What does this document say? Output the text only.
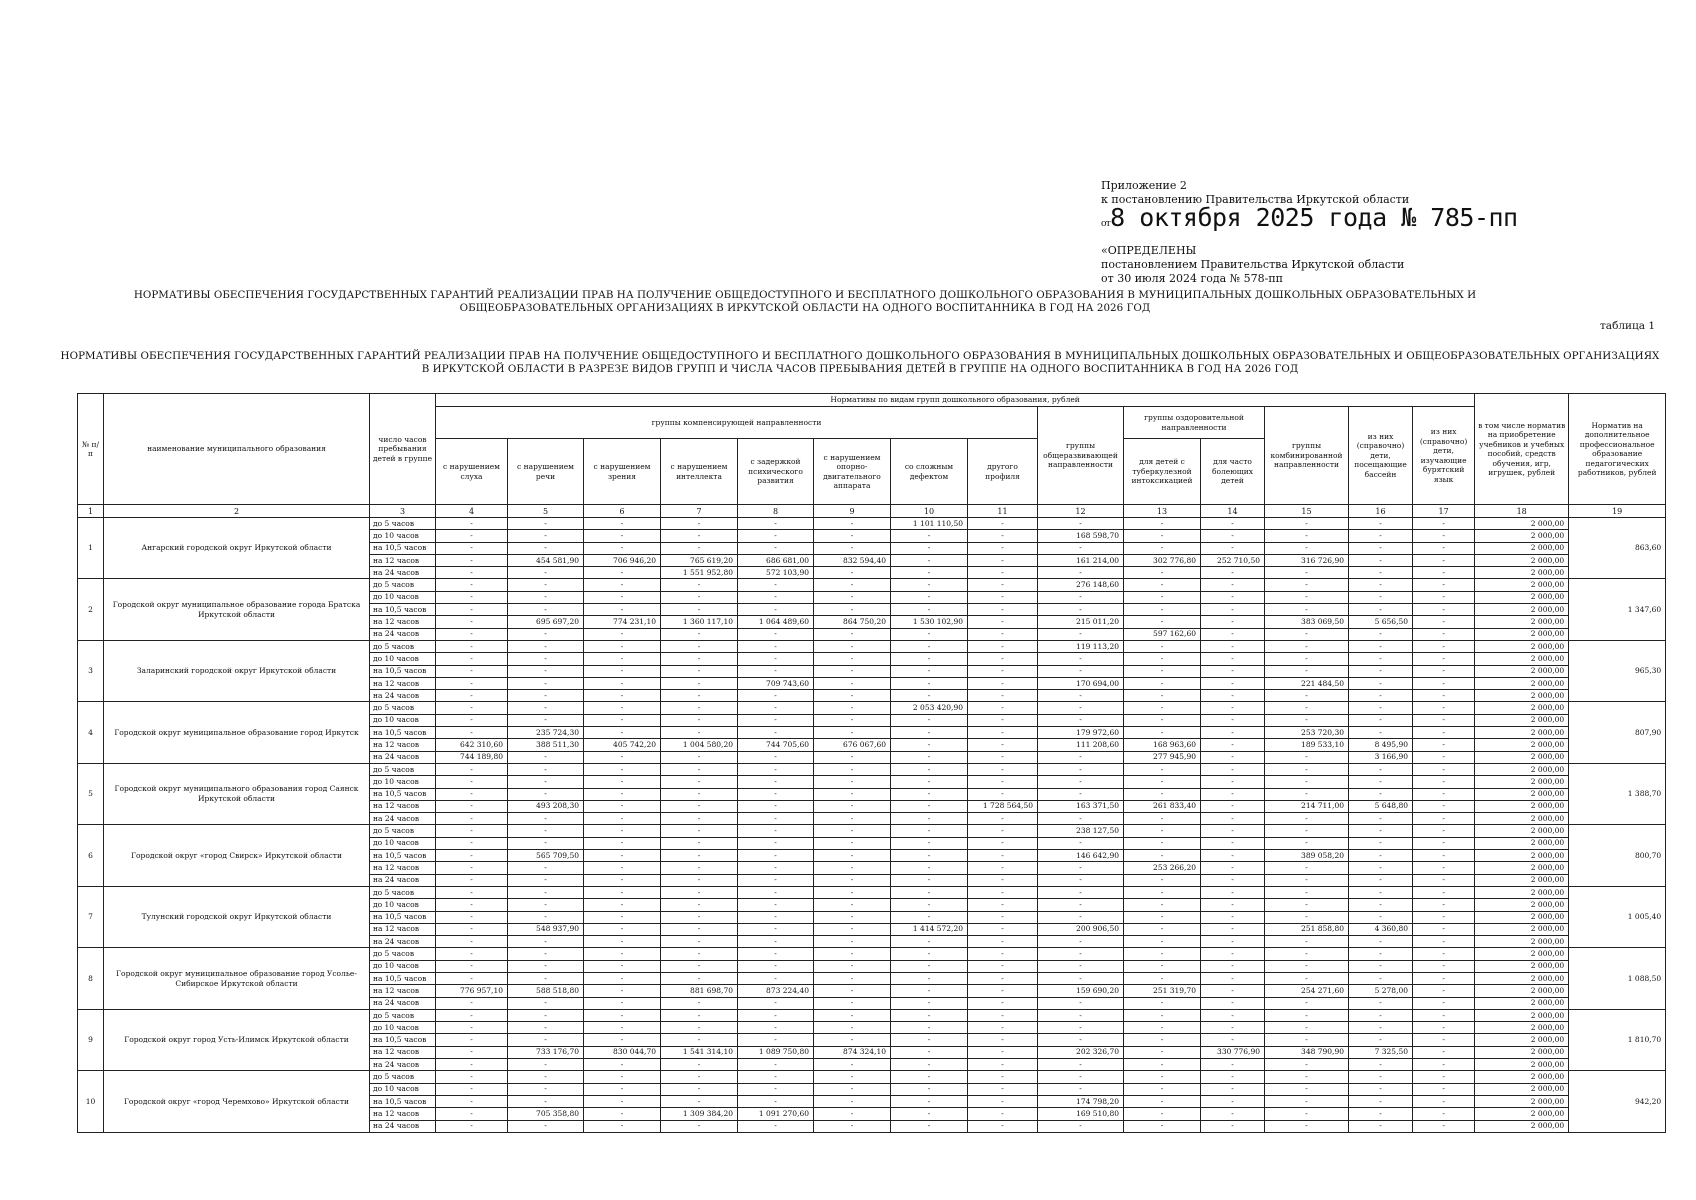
Приложение 2
к постановлению Правительства Иркутской области
от8 октября 2025 года № 785-пп
«ОПРЕДЕЛЕНЫ
постановлением Правительства Иркутской области
от 30 июля 2024 года № 578-пп
НОРМАТИВЫ ОБЕСПЕЧЕНИЯ ГОСУДАРСТВЕННЫХ ГАРАНТИЙ РЕАЛИЗАЦИИ ПРАВ НА ПОЛУЧЕНИЕ ОБЩЕДОСТУПНОГО И БЕСПЛАТНОГО ДОШКОЛЬНОГО ОБРАЗОВАНИЯ В МУНИЦИПАЛЬНЫХ ДОШКОЛЬНЫХ ОБРАЗОВАТЕЛЬНЫХ И ОБЩЕОБРАЗОВАТЕЛЬНЫХ ОРГАНИЗАЦИЯХ В ИРКУТСКОЙ ОБЛАСТИ НА ОДНОГО ВОСПИТАННИКА В ГОД НА 2026 ГОД
таблица 1
НОРМАТИВЫ ОБЕСПЕЧЕНИЯ ГОСУДАРСТВЕННЫХ ГАРАНТИЙ РЕАЛИЗАЦИИ ПРАВ НА ПОЛУЧЕНИЕ ОБЩЕДОСТУПНОГО И БЕСПЛАТНОГО ДОШКОЛЬНОГО ОБРАЗОВАНИЯ В МУНИЦИПАЛЬНЫХ ДОШКОЛЬНЫХ ОБРАЗОВАТЕЛЬНЫХ И ОБЩЕОБРАЗОВАТЕЛЬНЫХ ОРГАНИЗАЦИЯХ В ИРКУТСКОЙ ОБЛАСТИ В РАЗРЕЗЕ ВИДОВ ГРУПП И ЧИСЛА ЧАСОВ ПРЕБЫВАНИЯ ДЕТЕЙ В ГРУППЕ НА ОДНОГО ВОСПИТАННИКА В ГОД НА 2026 ГОД
№ п/п	наименование муниципального образования	число часов пребывания детей в группе	Нормативы по видам групп дошкольного образования, рублей														в том числе норматив на приобретение учебников и учебных пособий, средств обучения, игр, игрушек, рублей	Норматив на дополнительное профессиональное образование педагогических работников, рублей
			группы компенсирующей направленности								группы общеразвивающей направленности	группы оздоровительной направленности		группы комбинированной направленности	из них (справочно) дети, посещающие бассейн	из них (справочно) дети, изучающие бурятский язык		
			с нарушением слуха	с нарушением речи	с нарушением зрения	с нарушением интеллекта	с задержкой психического развития	с нарушением опорно-двигательного аппарата	со сложным дефектом	другого профиля		для детей с туберкулезной интоксикацией	для часто болеющих детей					
1	2	3	4	5	6	7	8	9	10	11	12	13	14	15	16	17	18	19
1	Ангарский городской округ Иркутской области	до 5 часов	-	-	-	-	-	-	1 101 110,50	-	-	-	-	-	-	-	2 000,00	863,60
		до 10 часов	-	-	-	-	-	-	-	-	168 598,70	-	-	-	-	-	2 000,00	
		на 10,5 часов	-	-	-	-	-	-	-	-	-	-	-	-	-	-	2 000,00	
		на 12 часов	-	454 581,90	706 946,20	765 619,20	686 681,00	832 594,40	-	-	161 214,00	302 776,80	252 710,50	316 726,90	-	-	2 000,00	
		на 24 часов	-	-	-	1 551 952,80	572 103,90	-	-	-	-	-	-	-	-	-	2 000,00	
2	Городской округ муниципальное образование города Братска Иркутской области	до 5 часов	-	-	-	-	-	-	-	-	276 148,60	-	-	-	-	-	2 000,00	1 347,60
		до 10 часов	-	-	-	-	-	-	-	-	-	-	-	-	-	-	2 000,00	
		на 10,5 часов	-	-	-	-	-	-	-	-	-	-	-	-	-	-	2 000,00	
		на 12 часов	-	695 697,20	774 231,10	1 360 117,10	1 064 489,60	864 750,20	1 530 102,90	-	215 011,20	-	-	383 069,50	5 656,50	-	2 000,00	
		на 24 часов	-	-	-	-	-	-	-	-	-	597 162,60	-	-	-	-	2 000,00	
3	Заларинский городской округ Иркутской области	до 5 часов	-	-	-	-	-	-	-	-	119 113,20	-	-	-	-	-	2 000,00	965,30
		до 10 часов	-	-	-	-	-	-	-	-	-	-	-	-	-	-	2 000,00	
		на 10,5 часов	-	-	-	-	-	-	-	-	-	-	-	-	-	-	2 000,00	
		на 12 часов	-	-	-	-	709 743,60	-	-	-	170 694,00	-	-	221 484,50	-	-	2 000,00	
		на 24 часов	-	-	-	-	-	-	-	-	-	-	-	-	-	-	2 000,00	
4	Городской округ муниципальное образование город Иркутск	до 5 часов	-	-	-	-	-	-	2 053 420,90	-	-	-	-	-	-	-	2 000,00	807,90
		до 10 часов	-	-	-	-	-	-	-	-	-	-	-	-	-	-	2 000,00	
		на 10,5 часов	-	235 724,30	-	-	-	-	-	-	179 972,60	-	-	253 720,30	-	-	2 000,00	
		на 12 часов	642 310,60	388 511,30	405 742,20	1 004 580,20	744 705,60	676 067,60	-	-	111 208,60	168 963,60	-	189 533,10	8 495,90	-	2 000,00	
		на 24 часов	744 189,80	-	-	-	-	-	-	-	-	277 945,90	-	-	3 166,90	-	2 000,00	
5	Городской округ муниципального образования город Саянск Иркутской области	до 5 часов	-	-	-	-	-	-	-	-	-	-	-	-	-	-	2 000,00	1 388,70
		до 10 часов	-	-	-	-	-	-	-	-	-	-	-	-	-	-	2 000,00	
		на 10,5 часов	-	-	-	-	-	-	-	-	-	-	-	-	-	-	2 000,00	
		на 12 часов	-	493 208,30	-	-	-	-	-	1 728 564,50	163 371,50	261 833,40	-	214 711,00	5 648,80	-	2 000,00	
		на 24 часов	-	-	-	-	-	-	-	-	-	-	-	-	-	-	2 000,00	
6	Городской округ «город Свирск» Иркутской области	до 5 часов	-	-	-	-	-	-	-	-	238 127,50	-	-	-	-	-	2 000,00	800,70
		до 10 часов	-	-	-	-	-	-	-	-	-	-	-	-	-	-	2 000,00	
		на 10,5 часов	-	565 709,50	-	-	-	-	-	-	146 642,90	-	-	389 058,20	-	-	2 000,00	
		на 12 часов	-	-	-	-	-	-	-	-	-	253 266,20	-	-	-	-	2 000,00	
		на 24 часов	-	-	-	-	-	-	-	-	-	-	-	-	-	-	2 000,00	
7	Тулунский городской округ Иркутской области	до 5 часов	-	-	-	-	-	-	-	-	-	-	-	-	-	-	2 000,00	1 005,40
		до 10 часов	-	-	-	-	-	-	-	-	-	-	-	-	-	-	2 000,00	
		на 10,5 часов	-	-	-	-	-	-	-	-	-	-	-	-	-	-	2 000,00	
		на 12 часов	-	548 937,90	-	-	-	-	1 414 572,20	-	200 906,50	-	-	251 858,80	4 360,80	-	2 000,00	
		на 24 часов	-	-	-	-	-	-	-	-	-	-	-	-	-	-	2 000,00	
8	Городской округ муниципальное образование город Усолье-Сибирское Иркутской области	до 5 часов	-	-	-	-	-	-	-	-	-	-	-	-	-	-	2 000,00	1 088,50
		до 10 часов	-	-	-	-	-	-	-	-	-	-	-	-	-	-	2 000,00	
		на 10,5 часов	-	-	-	-	-	-	-	-	-	-	-	-	-	-	2 000,00	
		на 12 часов	776 957,10	588 518,80	-	881 698,70	873 224,40	-	-	-	159 690,20	251 319,70	-	254 271,60	5 278,00	-	2 000,00	
		на 24 часов	-	-	-	-	-	-	-	-	-	-	-	-	-	-	2 000,00	
9	Городской округ город Усть-Илимск Иркутской области	до 5 часов	-	-	-	-	-	-	-	-	-	-	-	-	-	-	2 000,00	1 810,70
		до 10 часов	-	-	-	-	-	-	-	-	-	-	-	-	-	-	2 000,00	
		на 10,5 часов	-	-	-	-	-	-	-	-	-	-	-	-	-	-	2 000,00	
		на 12 часов	-	733 176,70	830 044,70	1 541 314,10	1 089 750,80	874 324,10	-	-	202 326,70	-	330 776,90	348 790,90	7 325,50	-	2 000,00	
		на 24 часов	-	-	-	-	-	-	-	-	-	-	-	-	-	-	2 000,00	
10	Городской округ «город Черемхово» Иркутской области	до 5 часов	-	-	-	-	-	-	-	-	-	-	-	-	-	-	2 000,00	942,20
		до 10 часов	-	-	-	-	-	-	-	-	-	-	-	-	-	-	2 000,00	
		на 10,5 часов	-	-	-	-	-	-	-	-	174 798,20	-	-	-	-	-	2 000,00	
		на 12 часов	-	705 358,80	-	1 309 384,20	1 091 270,60	-	-	-	169 510,80	-	-	-	-	-	2 000,00	
		на 24 часов	-	-	-	-	-	-	-	-	-	-	-	-	-	-	2 000,00	
